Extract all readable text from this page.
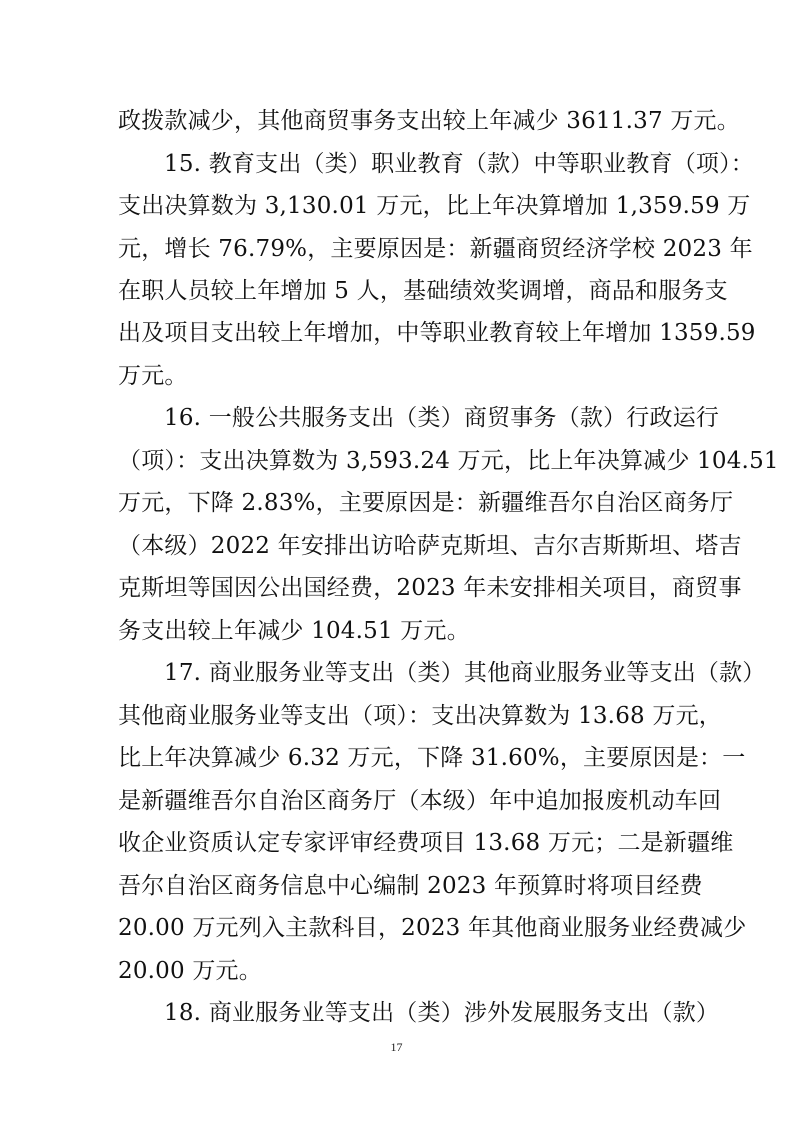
政拨款减少，其他商贸事务支出较上年减少 3611.37 万元。
15. 教育支出（类）职业教育（款）中等职业教育（项）：
支出决算数为 3,130.01 万元，比上年决算增加 1,359.59 万
元，增长 76.79%，主要原因是：新疆商贸经济学校 2023 年
在职人员较上年增加 5 人，基础绩效奖调增，商品和服务支
出及项目支出较上年增加，中等职业教育较上年增加 1359.59
万元。
16. 一般公共服务支出（类）商贸事务（款）行政运行
（项）：支出决算数为 3,593.24 万元，比上年决算减少 104.51
万元，下降 2.83%，主要原因是：新疆维吾尔自治区商务厅
（本级）2022 年安排出访哈萨克斯坦、吉尔吉斯斯坦、塔吉
克斯坦等国因公出国经费，2023 年未安排相关项目，商贸事
务支出较上年减少 104.51 万元。
17. 商业服务业等支出（类）其他商业服务业等支出（款）
其他商业服务业等支出（项）：支出决算数为 13.68 万元，
比上年决算减少 6.32 万元，下降 31.60%，主要原因是：一
是新疆维吾尔自治区商务厅（本级）年中追加报废机动车回
收企业资质认定专家评审经费项目 13.68 万元；二是新疆维
吾尔自治区商务信息中心编制 2023 年预算时将项目经费
20.00 万元列入主款科目，2023 年其他商业服务业经费减少
20.00 万元。
18. 商业服务业等支出（类）涉外发展服务支出（款）
17
